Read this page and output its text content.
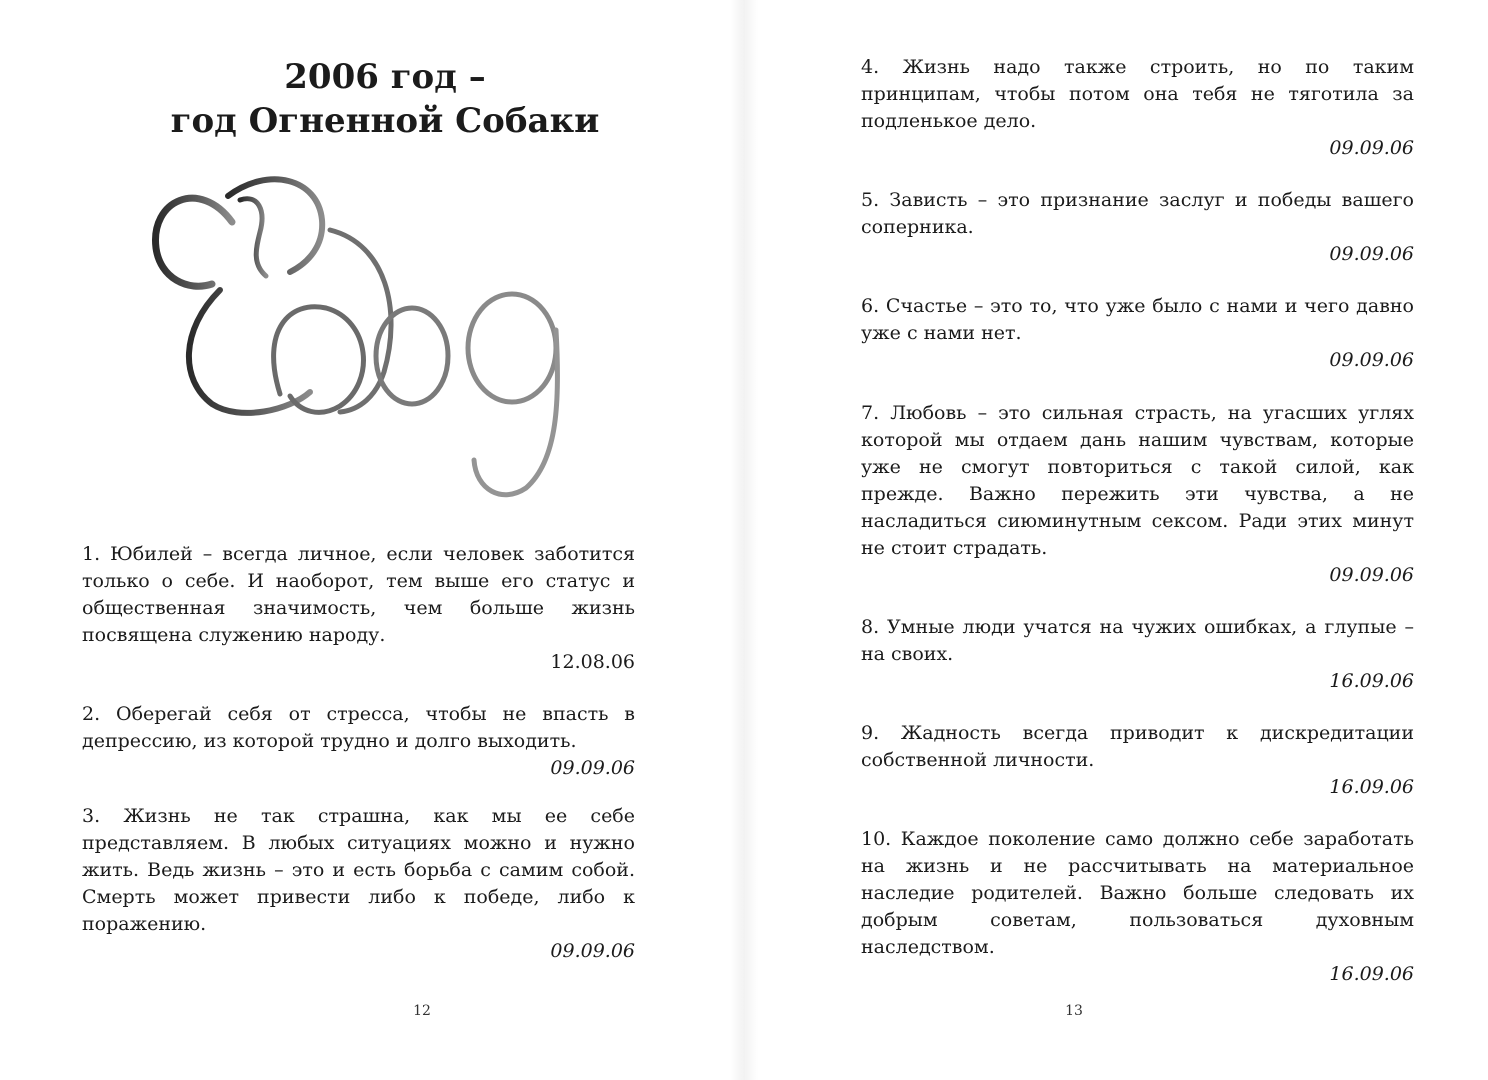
2006 год –
год Огненной Собаки

1. Юбилей – всегда личное, если человек заботится только о себе. И наоборот, тем выше его статус и общественная значимость, чем больше жизнь посвящена служению народу.

12.08.06

2. Оберегай себя от стресса, чтобы не впасть в депрессию, из которой трудно и долго выходить.

09.09.06

3. Жизнь не так страшна, как мы ее себе представляем. В любых ситуациях можно и нужно жить. Ведь жизнь – это и есть борьба с самим собой. Смерть может привести либо к победе, либо к поражению.

09.09.06

12

4. Жизнь надо также строить, но по таким принципам, чтобы потом она тебя не тяготила за подленькое дело.

09.09.06

5. Зависть – это признание заслуг и победы вашего соперника.

09.09.06

6. Счастье – это то, что уже было с нами и чего давно уже с нами нет.

09.09.06

7. Любовь – это сильная страсть, на угасших углях которой мы отдаем дань нашим чувствам, которые уже не смогут повториться с такой силой, как прежде. Важно пережить эти чувства, а не насладиться сиюминутным сексом. Ради этих минут не стоит страдать.

09.09.06

8. Умные люди учатся на чужих ошибках, а глупые – на своих.

16.09.06

9. Жадность всегда приводит к дискредитации собственной личности.

16.09.06

10. Каждое поколение само должно себе заработать на жизнь и не рассчитывать на материальное наследие родителей. Важно больше следовать их добрым советам, пользоваться духовным наследством.

16.09.06

13
